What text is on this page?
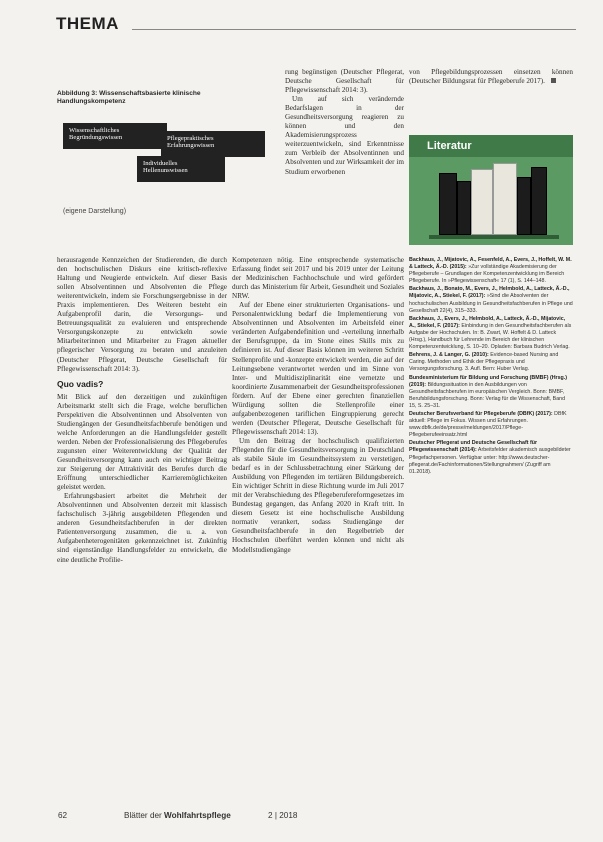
THEMA
Abbildung 3: Wissenschaftsbasierte klinische Handlungskompetenz
Wissenschaftliches Begründungswissen	Pflegepraktisches Erfahrungswissen
Individuelles Hellenunswissen
(eigene Darstellung)

rung begünstigen (Deutscher Pflegerat, Deutsche Gesellschaft für Pflegewissenschaft 2014: 3).

Um auf sich verändernde Bedarfslagen in der Gesundheitsversorgung reagieren zu können und den Akademisierungsprozess weiterzuentwickeln, sind Erkenntnisse zum Verbleib der Absolventinnen und Absolventen und zur Wirksamkeit der im Studium erworbenen

herausragende Kennzeichen der Studierenden, die durch den hochschulischen Diskurs eine kritisch-reflexive Haltung und Neugierde entwickeln. Auf dieser Basis sollen Absolventinnen und Absolventen die Pflege weiterentwickeln, indem sie Forschungsergebnisse in der Praxis implementieren. Des Weiteren besteht ein Aufgabenprofil darin, die Versorgungs- und Betreuungsqualität zu evaluieren und entsprechende Versorgungskonzepte zu entwickeln sowie Mitarbeiterinnen und Mitarbeiter zu Fragen aktueller pflegerischer Versorgung zu beraten und anzuleiten (Deutscher Pflegerat, Deutsche Gesellschaft für Pflegewissenschaft 2014: 3).

Quo vadis?

Mit Blick auf den derzeitigen und zukünftigen Arbeitsmarkt stellt sich die Frage, welche beruflichen Perspektiven die Absolventinnen und Absolventen von Studiengängen der Gesundheitsfachberufe benötigen und welche Anforderungen an die Handlungsfelder gestellt werden. Neben der Professionalisierung des Pflegeberufes zugunsten einer Weiterentwicklung der Qualität der Gesundheitsversorgung kann auch ein wichtiger Beitrag zur Steigerung der Attraktivität des Berufes durch die Eröffnung unterschiedlicher Karrieremöglichkeiten geleistet werden.

Erfahrungsbasiert arbeitet die Mehrheit der Absolventinnen und Absolventen derzeit mit klassisch fachschulisch 3-jährig ausgebildeten Pflegenden und anderen Gesundheitsfachberufen in der direkten Patientenversorgung zusammen, die u. a. von Aufgabenheterogenitäten gekennzeichnet ist. Zukünftig sind eigenständige Handlungsfelder zu entwickeln, die eine deutliche Profilie-

Kompetenzen nötig. Eine entsprechende systematische Erfassung findet seit 2017 und bis 2019 unter der Leitung der Medizinischen Fachhochschule und wird gefördert durch das Ministerium für Arbeit, Gesundheit und Soziales NRW.

Auf der Ebene einer strukturierten Organisations- und Personalentwicklung bedarf die Implementierung von Absolventinnen und Absolventen im Arbeitsfeld einer veränderten Aufgabendefinition und -verteilung innerhalb der Berufsgruppe, da im Stone eines Skills mix zu definieren ist. Auf dieser Basis können im weiteren Schritt Stellenprofile und -konzepte entwickelt werden, die auf der Leitungsebene verantwortet werden und im Sinne von Inter- und Multidisziplinarität eine vernetzte und koordinierte Zusammenarbeit der Gesundheitsprofessionen fördern. Auf der Ebene einer gerechten finanziellen Würdigung sollten die Stellenprofile einer aufgabenbezogenen tariflichen Eingruppierung gerecht werden (Deutscher Pflegerat, Deutsche Gesellschaft für Pflegewissenschaft 2014: 13).

Um den Beitrag der hochschulisch qualifizierten Pflegenden für die Gesundheitsversorgung in Deutschland als stabile Säule im Gesundheitssystem zu verstetigen, bedarf es in der Schlussbetrachtung einer Stärkung der Ausbildung von Pflegenden im tertiären Bildungsbereich. Ein wichtiger Schritt in diese Richtung wurde im Juli 2017 mit der Verabschiedung des Pflegeberufereformgesetzes im Bundestag gegangen, das Anfang 2020 in Kraft tritt. In diesem Gesetz ist eine hochschulische Ausbildung normativ verankert, sodass Studiengänge der Gesundheitsfachberufe in den Regelbetrieb der Hochschulen überführt werden können und nicht als Modellstudiengänge

von Pflegebildungsprozessen einsetzen können (Deutscher Bildungsrat für Pflegeberufe 2017).
Literatur
Backhaus, J., Mijatovic, A., Fesenfeld, A., Evers, J., Hoffelt, W. M. & Latteck, Ä.-D. (2015): »Zur vollständige Akademisierung der Pflegeberufe – Grundlagen der Kompetenzentwicklung im Bereich Pflegeberufe. In »Pflegewissenschaft« 17 (1), S. 144–148.
Backhaus, J., Bonato, M., Evers, J., Helmbold, A., Latteck, Ä.-D., Mijatovic, A., Stiekel, F. (2017): »Sind die Absolventen der hochschulischen Ausbildung in Gesundheitsfachberufen in Pflege und Gesellschaft 22(4), 315–333.
Backhaus, J., Evers, J., Helmbold, A., Latteck, Ä.-D., Mijatovic, A., Stiekel, F. (2017): Einbindung in den Gesundheitsfachberufen als Aufgabe der Hochschulen. In: B. Zwart, W. Hoffelt & D. Latteck (Hrsg.), Handbuch für Lehrende im Bereich der klinischen Kompetenzentwicklung, S. 10–20. Opladen: Barbara Budrich Verlag.
Behrens, J. & Langer, G. (2010): Evidence-based Nursing and Caring. Methoden und Ethik der Pflegepraxis und Versorgungsforschung. 3. Aufl. Bern: Huber Verlag.
Bundesministerium für Bildung und Forschung (BMBF) (Hrsg.) (2019): Bildungssituation in den Ausbildungen von Gesundheitsfachberufen im europäischen Vergleich. Bonn: BMBF, Berufsbildungsforschung. Bonn: Verlag für die Wissenschaft, Band 15, S. 25–31.
Deutscher Berufsverband für Pflegeberufe (DBfK) (2017): DBfK aktuell: Pflege im Fokus. Wissen und Erfahrungen. www.dbfk.de/de/presse/meldungen/2017/Pflege-Pflegeberufeeinsatz.html
Deutscher Pflegerat und Deutsche Gesellschaft für Pflegewissenschaft (2014): Arbeitsfelder akademisch ausgebildeter Pflegefachpersonen. Verfügbar unter: http://www.deutscher-pflegerat.de/Fachinformationen/Stellungnahmen/ (Zugriff am 01.2018).
62	Blätter der Wohlfahrtspflege	2 | 2018
